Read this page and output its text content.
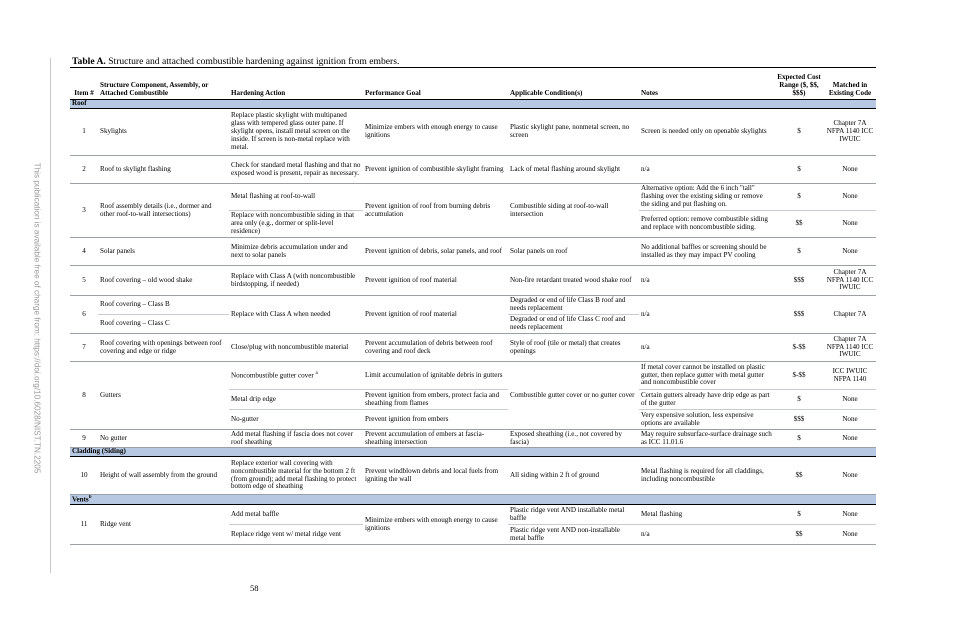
This publication is available free of charge from: https://doi.org/10.6028/NIST.TN.2205
Table A. Structure and attached combustible hardening against ignition from embers.
Item #	Structure Component, Assembly, or Attached Combustible	Hardening Action	Performance Goal	Applicable Condition(s)	Notes	Expected Cost Range ($, $$, $$$)	Matched in Existing Code
Roof							
1	Skylights	Replace plastic skylight with multipaned glass with tempered glass outer pane. If skylight opens, install metal screen on the inside. If screen is non-metal replace with metal.	Minimize embers with enough energy to cause ignitions	Plastic skylight pane, nonmetal screen, no screen	Screen is needed only on openable skylights	$	Chapter 7A NFPA 1140 ICC IWUIC
2	Roof to skylight flashing	Check for standard metal flashing and that no exposed wood is present, repair as necessary.	Prevent ignition of combustible skylight framing	Lack of metal flashing around skylight	n/a	$	None
3	Roof assembly details (i.e., dormer and other roof-to-wall intersections)	Metal flashing at roof-to-wall	Prevent ignition of roof from burning debris accumulation	Combustible siding at roof-to-wall intersection	Alternative option: Add the 6 inch "tall" flashing over the existing siding or remove the siding and put flashing on.	$	None
		Replace with noncombustible siding in that area only (e.g., dormer or split-level residence)			Preferred option: remove combustible siding and replace with noncombustible siding.	$$	None
4	Solar panels	Minimize debris accumulation under and next to solar panels	Prevent ignition of debris, solar panels, and roof	Solar panels on roof	No additional baffles or screening should be installed as they may impact PV cooling	$	None
5	Roof covering – old wood shake	Replace with Class A (with noncombustible birdstopping, if needed)	Prevent ignition of roof material	Non-fire retardant treated wood shake roof	n/a	$$$	Chapter 7A NFPA 1140 ICC IWUIC
6	Roof covering – Class B	Replace with Class A when needed	Prevent ignition of roof material	Degraded or end of life Class B roof and needs replacement	n/a	$$$	Chapter 7A
	Roof covering – Class C			Degraded or end of life Class C roof and needs replacement			
7	Roof covering with openings between roof covering and edge or ridge	Close/plug with noncombustible material	Prevent accumulation of debris between roof covering and roof deck	Style of roof (tile or metal) that creates openings	n/a	$-$$	Chapter 7A NFPA 1140 ICC IWUIC
8	Gutters	Noncombustible gutter cover $^a$	Limit accumulation of ignitable debris in gutters	Combustible gutter cover or no gutter cover	If metal cover cannot be installed on plastic gutter, then replace gutter with metal gutter and noncombustible cover	$-$$	ICC IWUIC NFPA 1140
		Metal drip edge	Prevent ignition from embers, protect facia and sheathing from flames		Certain gutters already have drip edge as part of the gutter	$	None
		No-gutter	Prevent ignition from embers		Very expensive solution, less expensive options are available	$$$	None
9	No gutter	Add metal flashing if fascia does not cover roof sheathing	Prevent accumulation of embers at fascia-sheathing intersection	Exposed sheathing (i.e., not covered by fascia)	May require subsurface-surface drainage such as ICC 11.01.6	$	None
Cladding (Siding)							
10	Height of wall assembly from the ground	Replace exterior wall covering with noncombustible material for the bottom 2 ft (from ground); add metal flashing to protect bottom edge of sheathing	Prevent windblown debris and local fuels from igniting the wall	All siding within 2 ft of ground	Metal flashing is required for all claddings, including noncombustible	$$	None
Vents$^b$
11	Ridge vent	Add metal baffle	Minimize embers with enough energy to cause ignitions	Plastic ridge vent AND installable metal baffle	Metal flashing	$	None
		Replace ridge vent w/ metal ridge vent		Plastic ridge vent AND non-installable metal baffle	n/a	$$	None
58
